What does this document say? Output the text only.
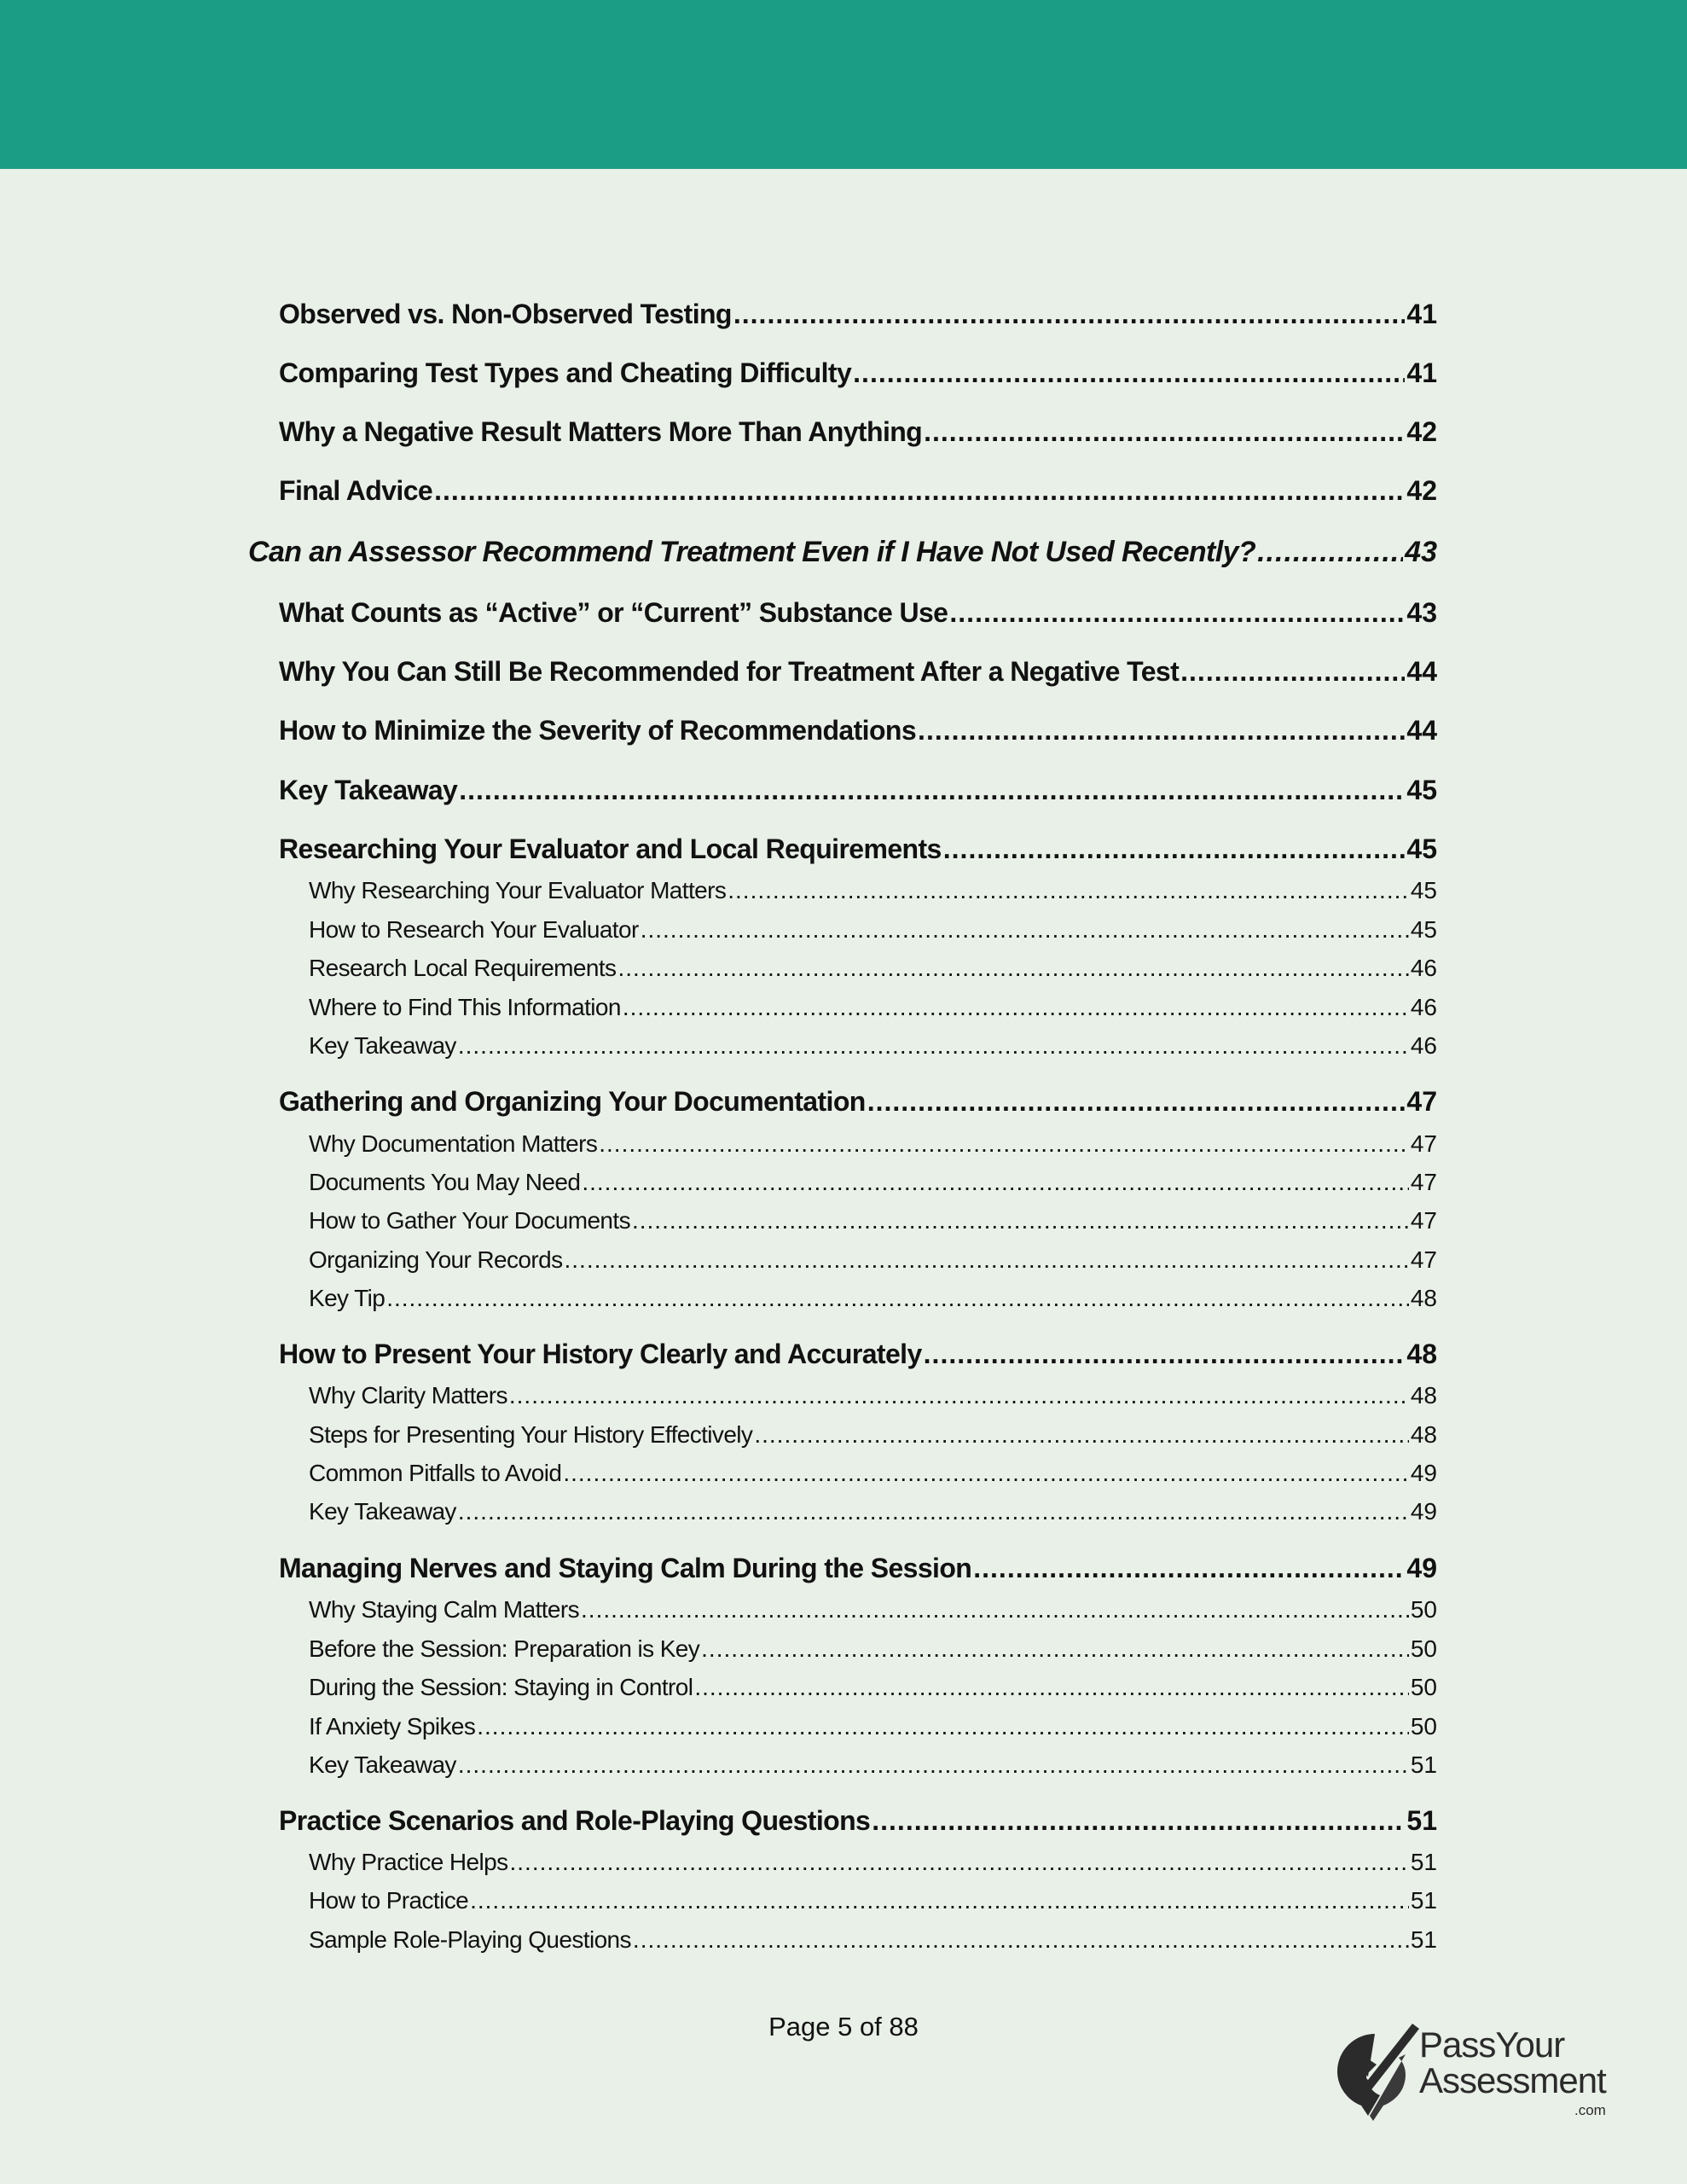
Observed vs. Non-Observed Testing .....	41
Comparing Test Types and Cheating Difficulty .....	41
Why a Negative Result Matters More Than Anything .....	42
Final Advice .....	42
Can an Assessor Recommend Treatment Even if I Have Not Used Recently? .....	43
What Counts as “Active” or “Current” Substance Use .....	43
Why You Can Still Be Recommended for Treatment After a Negative Test .....	44
How to Minimize the Severity of Recommendations .....	44
Key Takeaway .....	45
Researching Your Evaluator and Local Requirements .....	45
Why Researching Your Evaluator Matters .....	45
How to Research Your Evaluator .....	45
Research Local Requirements .....	46
Where to Find This Information .....	46
Key Takeaway .....	46
Gathering and Organizing Your Documentation .....	47
Why Documentation Matters .....	47
Documents You May Need .....	47
How to Gather Your Documents .....	47
Organizing Your Records .....	47
Key Tip .....	48
How to Present Your History Clearly and Accurately .....	48
Why Clarity Matters .....	48
Steps for Presenting Your History Effectively .....	48
Common Pitfalls to Avoid .....	49
Key Takeaway .....	49
Managing Nerves and Staying Calm During the Session .....	49
Why Staying Calm Matters .....	50
Before the Session: Preparation is Key .....	50
During the Session: Staying in Control .....	50
If Anxiety Spikes .....	50
Key Takeaway .....	51
Practice Scenarios and Role-Playing Questions .....	51
Why Practice Helps .....	51
How to Practice .....	51
Sample Role-Playing Questions .....	51
Page 5 of 88	PassYour
Assessment
.com
